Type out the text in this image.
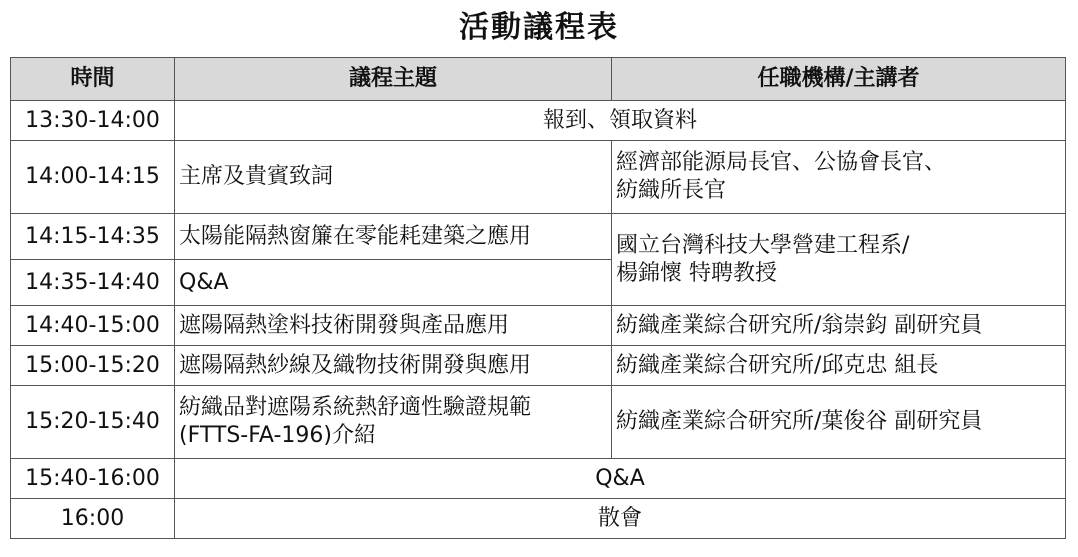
活動議程表
時間	議程主題	任職機構/主講者
13:30-14:00	報到、領取資料	
14:00-14:15	主席及貴賓致詞	經濟部能源局長官、公協會長官、
紡織所長官

14:15-14:35	太陽能隔熱窗簾在零能耗建築之應用	國立台灣科技大學營建工程系/
楊錦懷 特聘教授

14:35-14:40	Q&A	
14:40-15:00	遮陽隔熱塗料技術開發與產品應用	紡織產業綜合研究所/翁崇鈞 副研究員
15:00-15:20	遮陽隔熱紗線及織物技術開發與應用	紡織產業綜合研究所/邱克忠 組長
15:20-15:40	紡織品對遮陽系統熱舒適性驗證規範
(FTTS-FA-196)介紹	紡織產業綜合研究所/葉俊谷 副研究員
15:40-16:00	Q&A	
16:00	散會	
